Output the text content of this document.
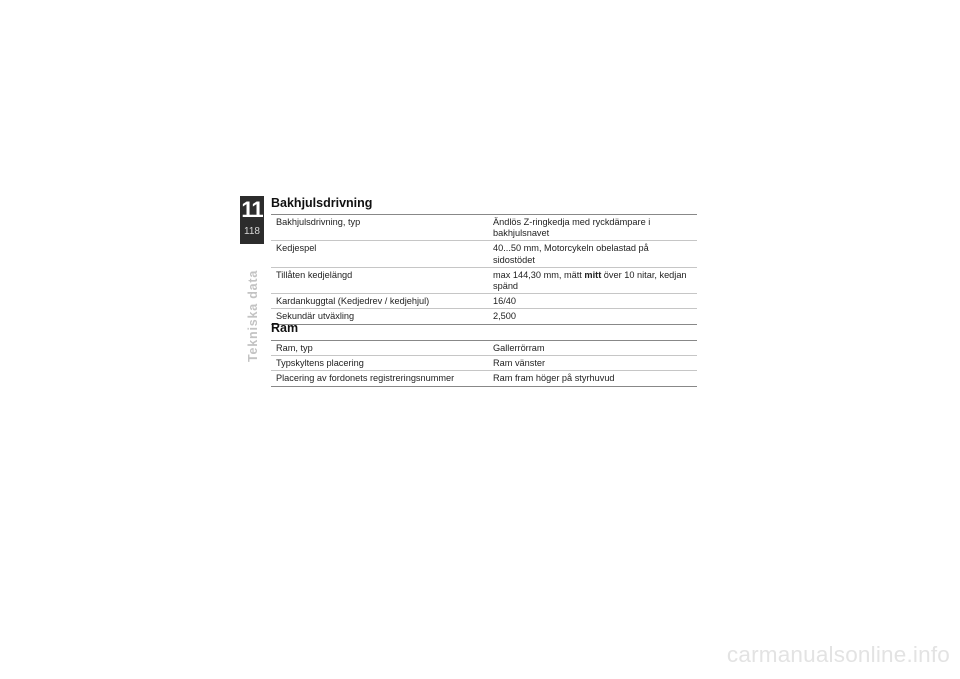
11
118
Tekniska data
Bakhjulsdrivning
Bakhjulsdrivning, typ	Ändlös Z-ringkedja med ryckdämpare i bakhjulsnavet
Kedjespel	40...50 mm, Motorcykeln obelastad på sidostödet
Tillåten kedjelängd	max 144,30 mm, mätt mitt över 10 nitar, kedjan spänd
Kardankuggtal (Kedjedrev / kedjehjul)	16/40
Sekundär utväxling	2,500
Ram
Ram, typ	Gallerrörram
Typskyltens placering	Ram vänster
Placering av fordonets registreringsnummer	Ram fram höger på styrhuvud
carmanualsonline.info
